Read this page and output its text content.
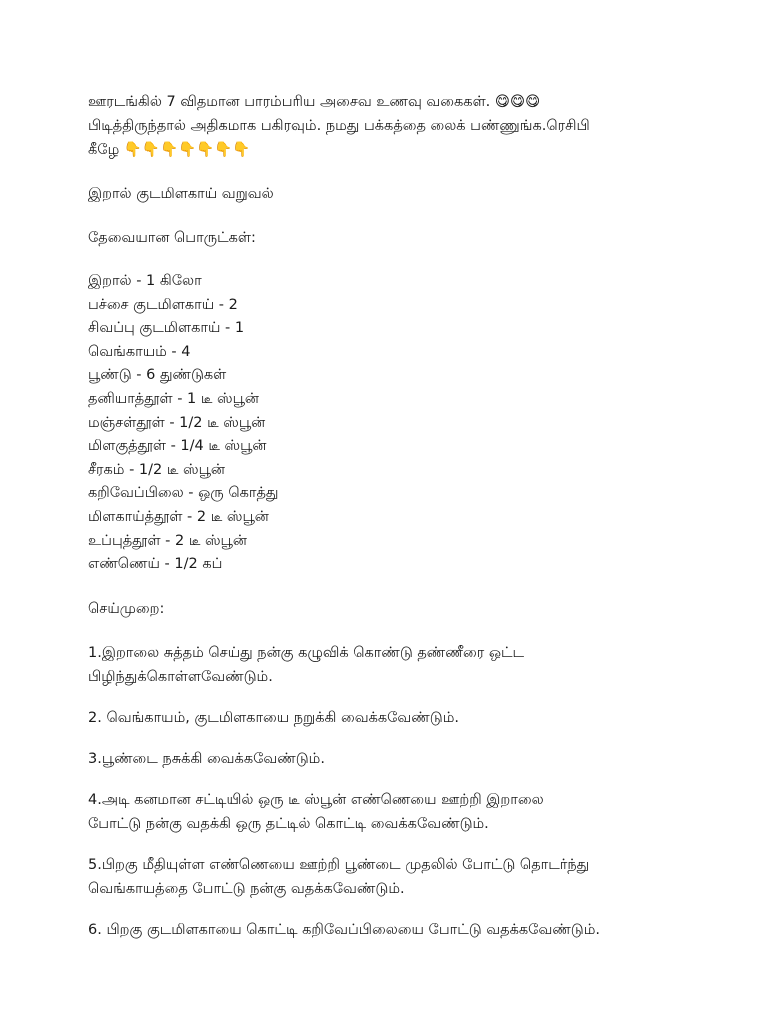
ஊரடங்கில் 7 விதமான பாரம்பரிய அசைவ உணவு வகைகள். 😋😋😋
பிடித்திருந்தால் அதிகமாக பகிரவும். நமது பக்கத்தை லைக் பண்ணுங்க.ரெசிபி
கீழே 👇👇👇👇👇👇👇
இறால் குடமிளகாய் வறுவல்
தேவையான பொருட்கள்:
இறால் - 1 கிலோ
பச்சை குடமிளகாய் - 2
சிவப்பு குடமிளகாய் - 1
வெங்காயம் - 4
பூண்டு - 6 துண்டுகள்
தனியாத்தூள் - 1 டீ ஸ்பூன்
மஞ்சள்தூள் - 1/2 டீ ஸ்பூன்
மிளகுத்தூள் - 1/4 டீ ஸ்பூன்
சீரகம் - 1/2 டீ ஸ்பூன்
கறிவேப்பிலை - ஒரு கொத்து
மிளகாய்த்தூள் - 2 டீ ஸ்பூன்
உப்புத்தூள் - 2 டீ ஸ்பூன்
எண்ணெய் - 1/2 கப்
செய்முறை:
1.இறாலை சுத்தம் செய்து நன்கு கழுவிக் கொண்டு தண்ணீரை ஒட்ட
பிழிந்துக்கொள்ளவேண்டும்.
2. வெங்காயம், குடமிளகாயை நறுக்கி வைக்கவேண்டும்.
3.பூண்டை நசுக்கி வைக்கவேண்டும்.
4.அடி கனமான சட்டியில் ஒரு டீ ஸ்பூன் எண்ணெயை ஊற்றி இறாலை
போட்டு நன்கு வதக்கி ஒரு தட்டில் கொட்டி வைக்கவேண்டும்.
5.பிறகு மீதியுள்ள எண்ணெயை ஊற்றி பூண்டை முதலில் போட்டு தொடர்ந்து
வெங்காயத்தை போட்டு நன்கு வதக்கவேண்டும்.
6. பிறகு குடமிளகாயை கொட்டி கறிவேப்பிலையை போட்டு வதக்கவேண்டும்.
